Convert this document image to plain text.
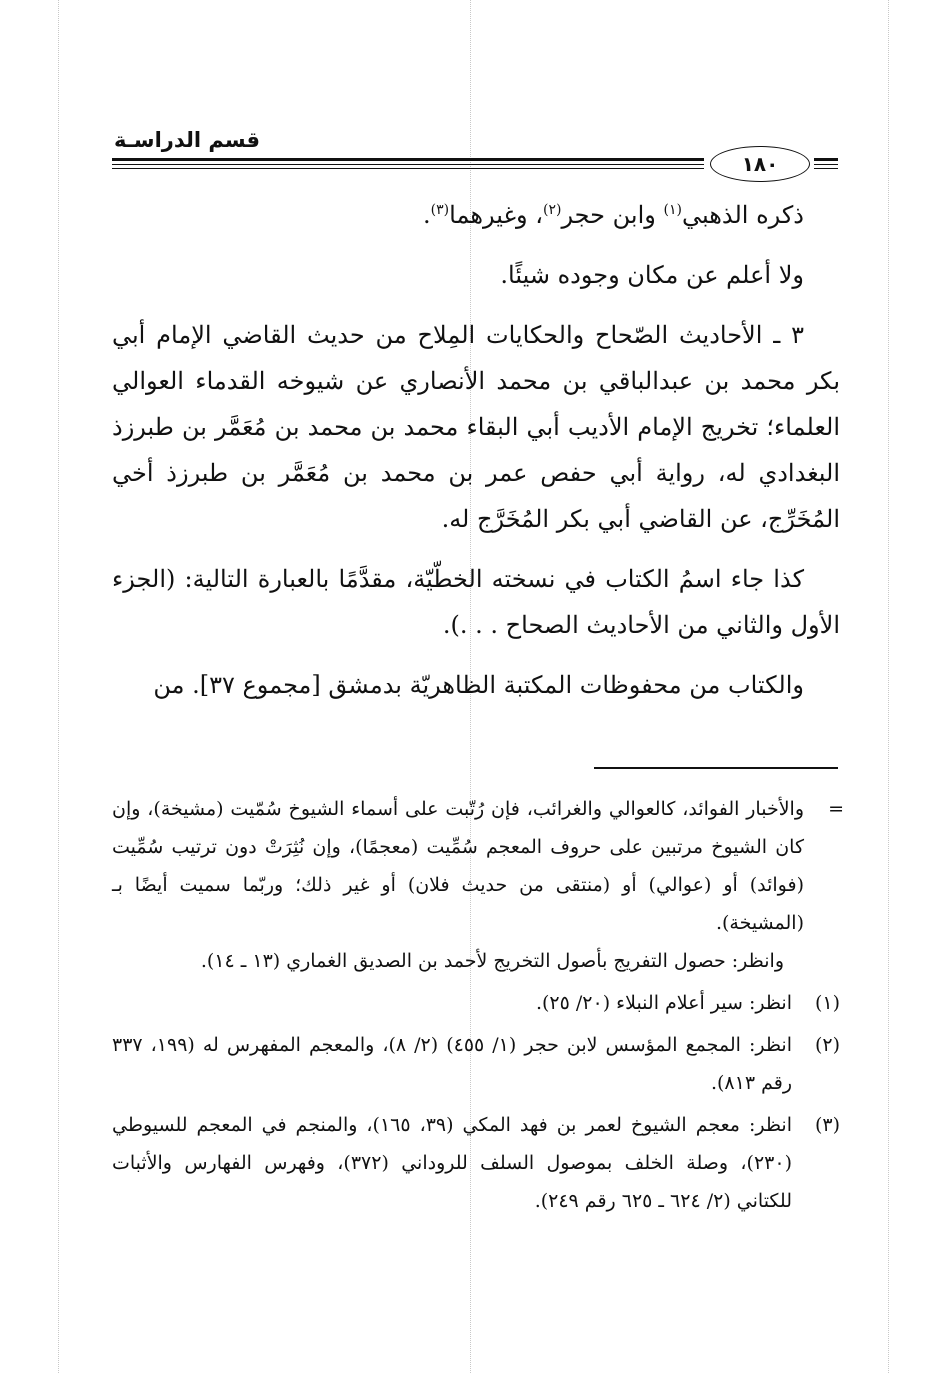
قسم الدراسـة
١٨٠

ذكره الذهبي$^{(١)}$ وابن حجر$^{(٢)}$، وغيرهما$^{(٣)}$.

ولا أعلم عن مكان وجوده شيئًا.

٣ ـ الأحاديث الصّحاح والحكايات المِلاح من حديث القاضي الإمام أبي بكر محمد بن عبدالباقي بن محمد الأنصاري عن شيوخه القدماء العوالي العلماء؛ تخريج الإمام الأديب أبي البقاء محمد بن محمد بن مُعَمَّر بن طبرزذ البغدادي له، رواية أبي حفص عمر بن محمد بن مُعَمَّر بن طبرزذ أخي المُخَرِّج، عن القاضي أبي بكر المُخَرَّج له.

كذا جاء اسمُ الكتاب في نسخته الخطّيّة، مقدَّمًا بالعبارة التالية: (الجزء الأول والثاني من الأحاديث الصحاح . . .).

والكتاب من محفوظات المكتبة الظاهريّة بدمشق [مجموع ٣٧]. من

=

والأخبار الفوائد، كالعوالي والغرائب، فإن رُتّبت على أسماء الشيوخ سُمّيت (مشيخة)، وإن كان الشيوخ مرتبين على حروف المعجم سُمِّيت (معجمًا)، وإن نُثِرَتْ دون ترتيب سُمِّيت (فوائد) أو (عوالي) أو (منتقى من حديث فلان) أو غير ذلك؛ وربّما سميت أيضًا بـ (المشيخة).

وانظر: حصول التفريج بأصول التخريج لأحمد بن الصديق الغماري (١٣ ـ ١٤).

(١)
انظر: سير أعلام النبلاء (٢٠/ ٢٥).
(٢)
انظر: المجمع المؤسس لابن حجر (١/ ٤٥٥) (٢/ ٨)، والمعجم المفهرس له (١٩٩، ٣٣٧ رقم ٨١٣).
(٣)
انظر: معجم الشيوخ لعمر بن فهد المكي (٣٩، ١٦٥)، والمنجم في المعجم للسيوطي (٢٣٠)، وصلة الخلف بموصول السلف للروداني (٣٧٢)، وفهرس الفهارس والأثبات للكتاني (٢/ ٦٢٤ ـ ٦٢٥ رقم ٢٤٩).
